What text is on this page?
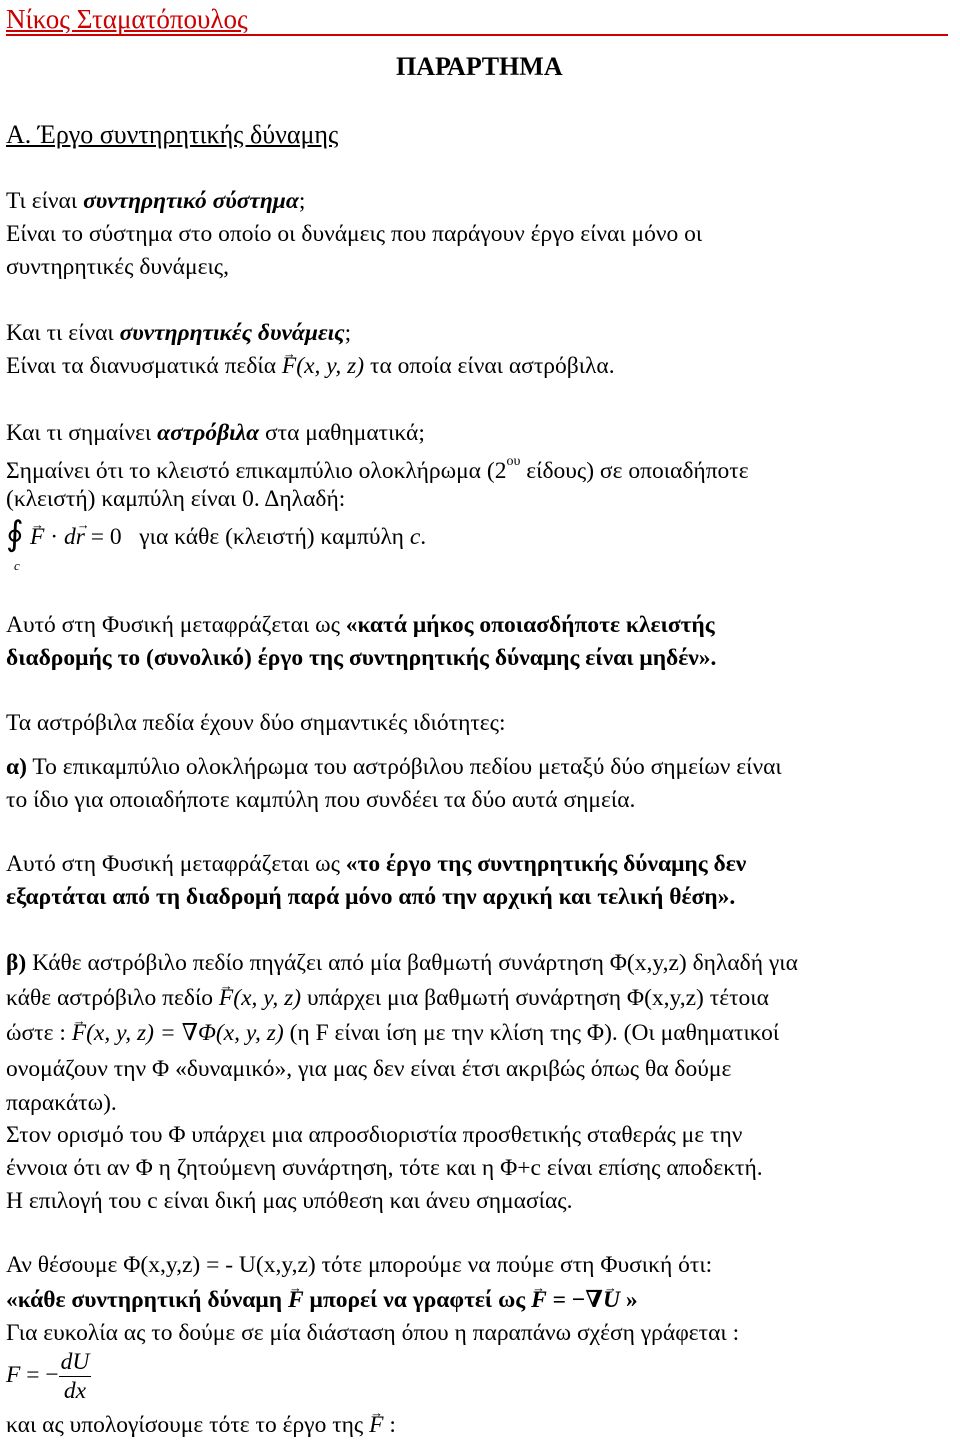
Νίκος Σταματόπουλος
ΠΑΡΑΡΤΗΜΑ
Α. Έργο συντηρητικής δύναμης
Τι είναι συντηρητικό σύστημα;
Είναι το σύστημα στο οποίο οι δυνάμεις που παράγουν έργο είναι μόνο οι
συντηρητικές δυνάμεις,
Και τι είναι συντηρητικές δυνάμεις;
Είναι τα διανυσματικά πεδία → F(x, y, z) τα οποία είναι αστρόβιλα.
Και τι σημαίνει αστρόβιλα στα μαθηματικά;
Σημαίνει ότι το κλειστό επικαμπύλιο ολοκλήρωμα ($2^{o\upsilon}$ είδους) σε οποιαδήποτε
(κλειστή) καμπύλη είναι 0. Δηλαδή:
∮
c
→ F · d→ r = 0 για κάθε (κλειστή) καμπύλη c.
Αυτό στη Φυσική μεταφράζεται ως «κατά μήκος οποιασδήποτε κλειστής
διαδρομής το (συνολικό) έργο της συντηρητικής δύναμης είναι μηδέν».
Τα αστρόβιλα πεδία έχουν δύο σημαντικές ιδιότητες:
α) Το επικαμπύλιο ολοκλήρωμα του αστρόβιλου πεδίου μεταξύ δύο σημείων είναι
το ίδιο για οποιαδήποτε καμπύλη που συνδέει τα δύο αυτά σημεία.
Αυτό στη Φυσική μεταφράζεται ως «το έργο της συντηρητικής δύναμης δεν
εξαρτάται από τη διαδρομή παρά μόνο από την αρχική και τελική θέση».
β) Κάθε αστρόβιλο πεδίο πηγάζει από μία βαθμωτή συνάρτηση Φ(x,y,z) δηλαδή για
κάθε αστρόβιλο πεδίο → F(x, y, z) υπάρχει μια βαθμωτή συνάρτηση Φ(x,y,z) τέτοια
ώστε : → F(x, y, z) = ∇Φ(x, y, z) (η F είναι ίση με την κλίση της Φ). (Οι μαθηματικοί
ονομάζουν την Φ «δυναμικό», για μας δεν είναι έτσι ακριβώς όπως θα δούμε
παρακάτω).
Στον ορισμό του Φ υπάρχει μια απροσδιοριστία προσθετικής σταθεράς με την
έννοια ότι αν Φ η ζητούμενη συνάρτηση, τότε και η Φ+c είναι επίσης αποδεκτή.
Η επιλογή του c είναι δική μας υπόθεση και άνευ σημασίας.
Αν θέσουμε Φ(x,y,z) = - U(x,y,z) τότε μπορούμε να πούμε στη Φυσική ότι:
«κάθε συντηρητική δύναμη → F μπορεί να γραφτεί ως → F = −∇→ U »
Για ευκολία ας το δούμε σε μία διάσταση όπου η παραπάνω σχέση γράφεται :
F = − $\frac{dU}{dx}$
και ας υπολογίσουμε τότε το έργο της → F :
